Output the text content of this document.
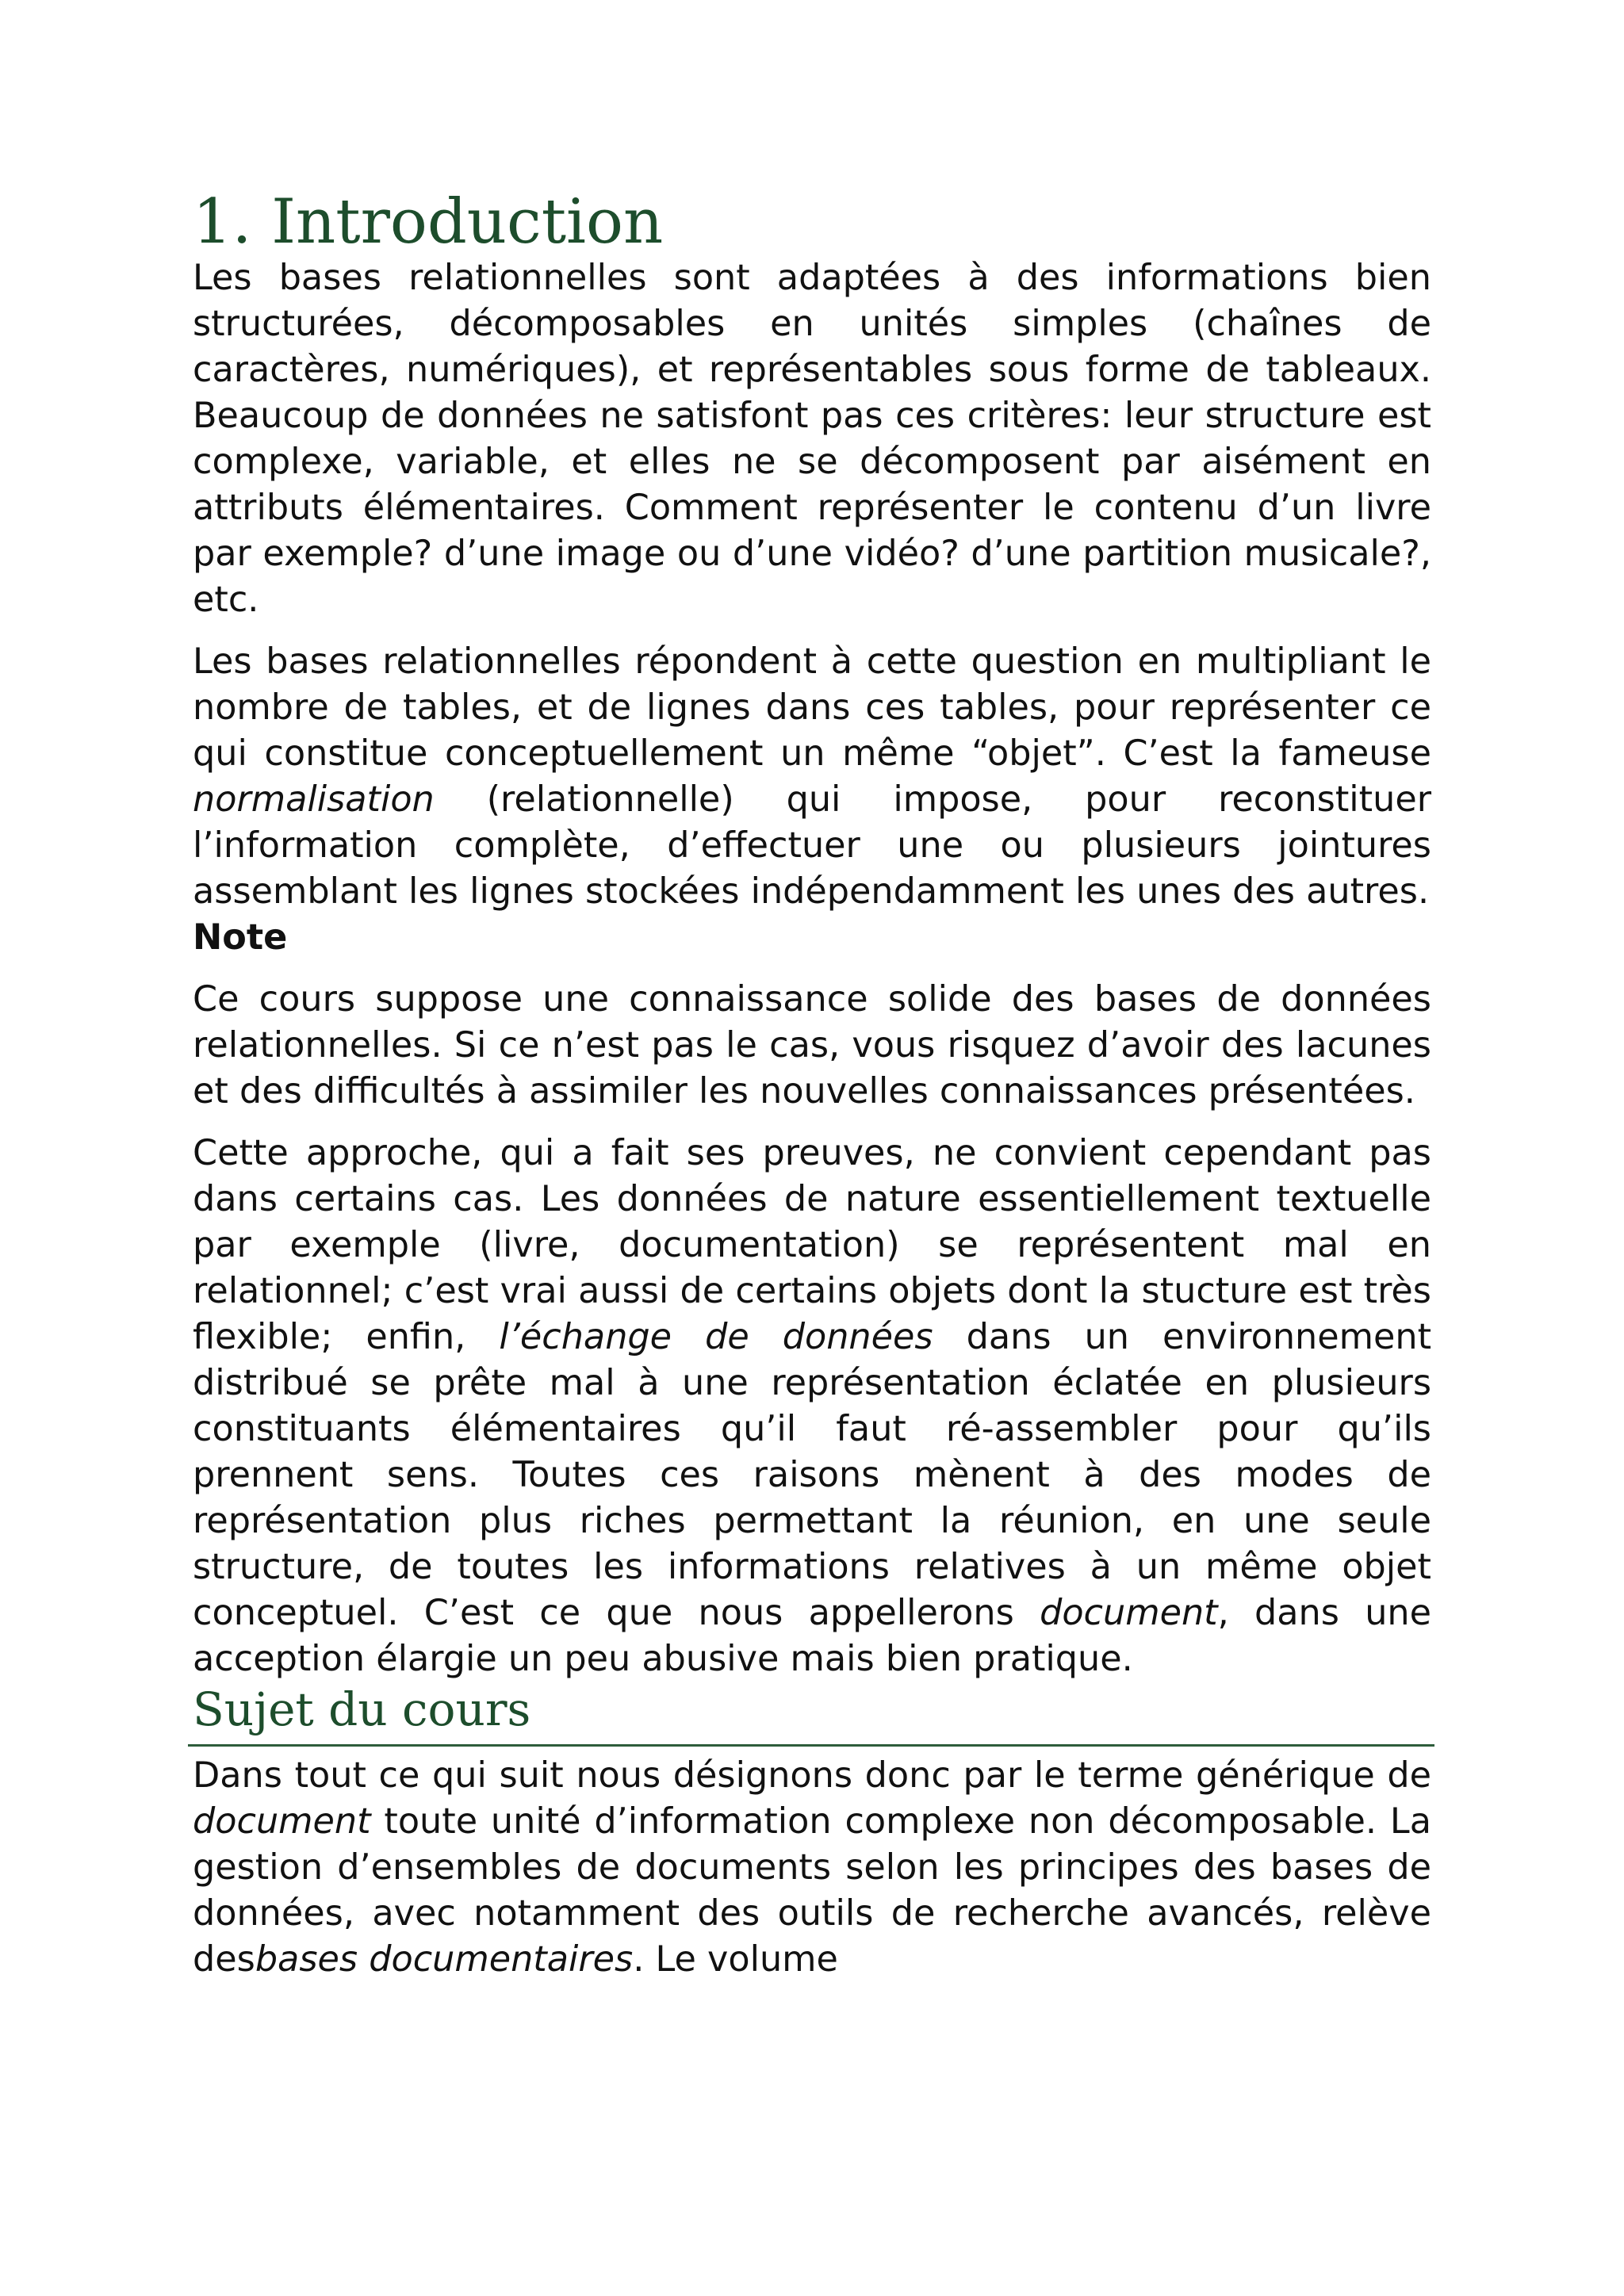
1. Introduction

Les bases relationnelles sont adaptées à des informations bien structurées, décomposables en unités simples (chaînes de caractères, numériques), et représentables sous forme de tableaux. Beaucoup de données ne satisfont pas ces critères: leur structure est complexe, variable, et elles ne se décomposent par aisément en attributs élémentaires. Comment représenter le contenu d’un livre par exemple? d’une image ou d’une vidéo? d’une partition musicale?, etc.

Les bases relationnelles répondent à cette question en multipliant le nombre de tables, et de lignes dans ces tables, pour représenter ce qui constitue conceptuellement un même “objet”. C’est la fameuse normalisation (relationnelle) qui impose, pour reconstituer l’information complète, d’effectuer une ou plusieurs jointures assemblant les lignes stockées indépendamment les unes des autres.

Note

Ce cours suppose une connaissance solide des bases de données relationnelles. Si ce n’est pas le cas, vous risquez d’avoir des lacunes et des difficultés à assimiler les nouvelles connaissances présentées.

Cette approche, qui a fait ses preuves, ne convient cependant pas dans certains cas. Les données de nature essentiellement textuelle par exemple (livre, documentation) se représentent mal en relationnel; c’est vrai aussi de certains objets dont la stucture est très flexible; enfin, l’échange de données dans un environnement distribué se prête mal à une représentation éclatée en plusieurs constituants élémentaires qu’il faut ré-assembler pour qu’ils prennent sens. Toutes ces raisons mènent à des modes de représentation plus riches permettant la réunion, en une seule structure, de toutes les informations relatives à un même objet conceptuel. C’est ce que nous appellerons document, dans une acception élargie un peu abusive mais bien pratique.

Sujet du cours

Dans tout ce qui suit nous désignons donc par le terme générique de document toute unité d’information complexe non décomposable. La gestion d’ensembles de documents selon les principes des bases de données, avec notamment des outils de recherche avancés, relève desbases documentaires. Le volume
